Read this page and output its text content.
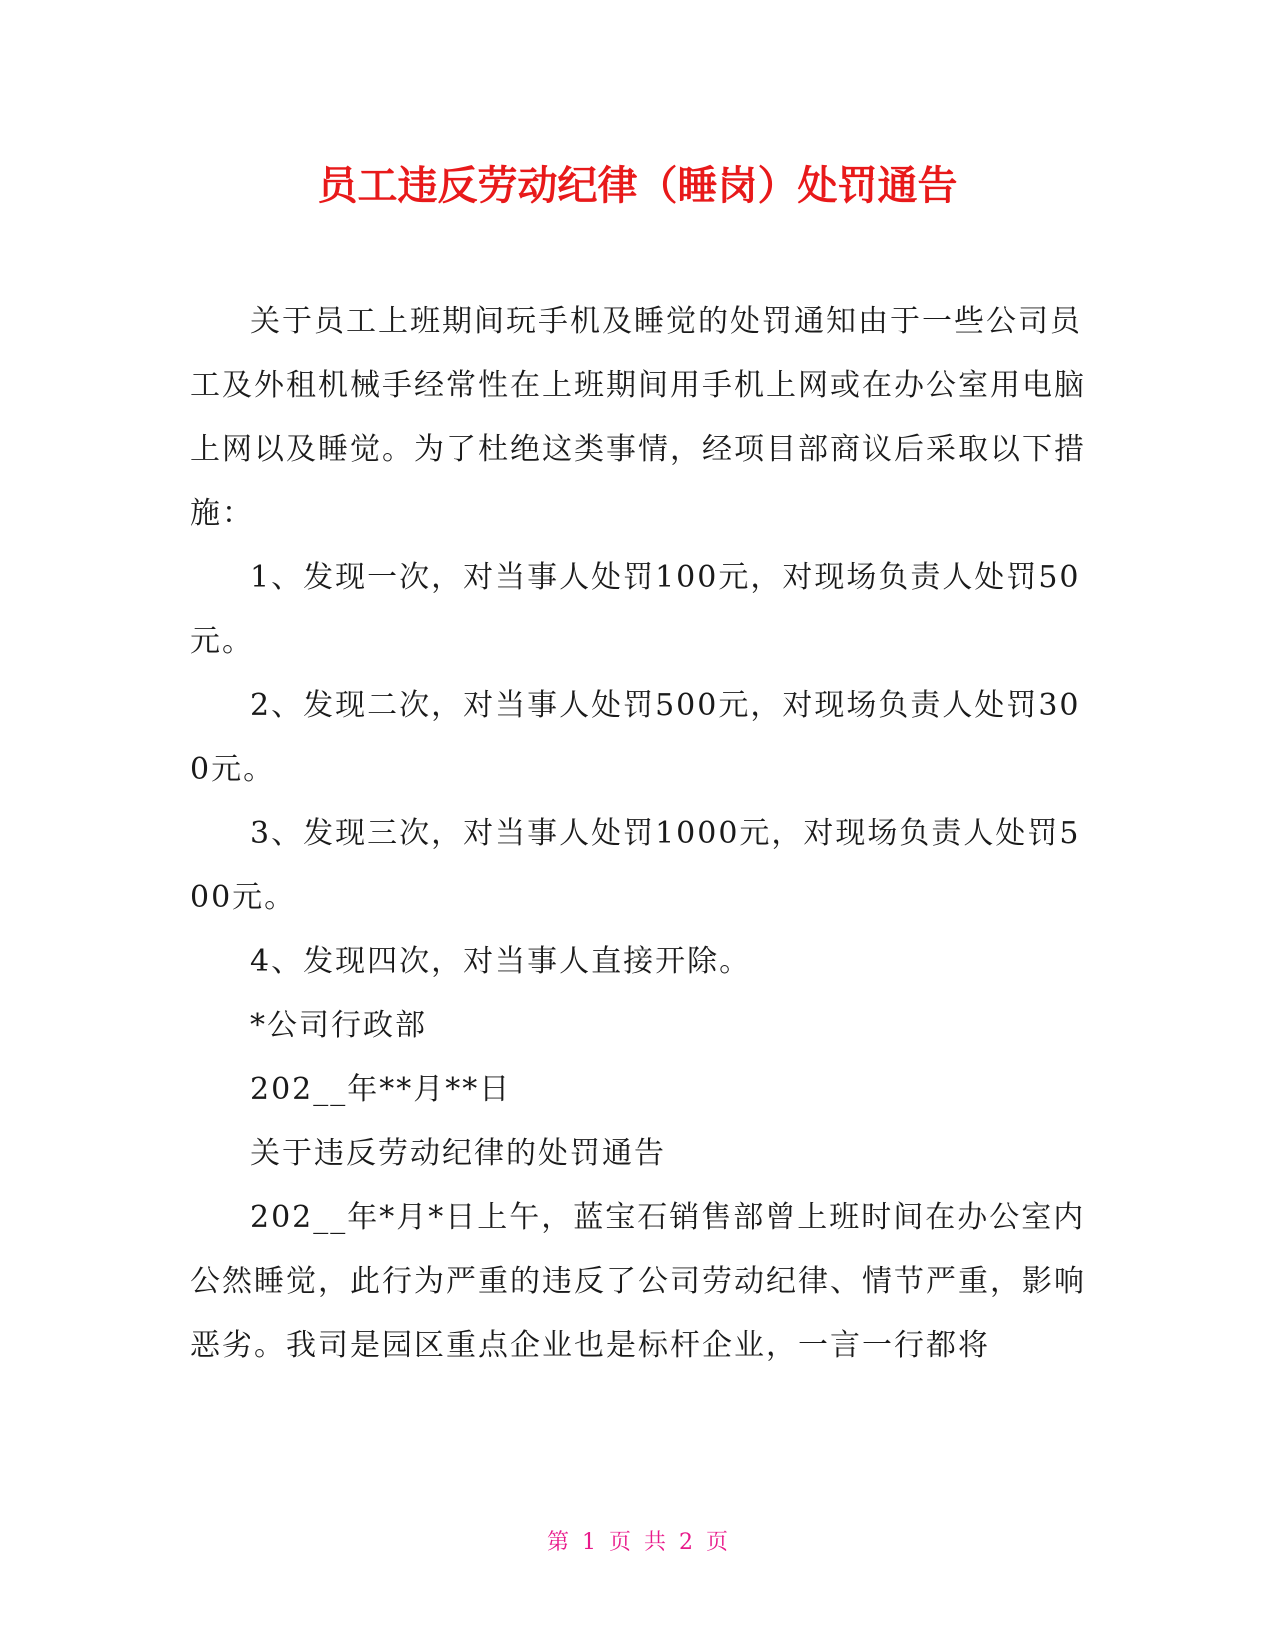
员工违反劳动纪律（睡岗）处罚通告

关于员工上班期间玩手机及睡觉的处罚通知由于一些公司员工及外租机械手经常性在上班期间用手机上网或在办公室用电脑上网以及睡觉。为了杜绝这类事情，经项目部商议后采取以下措施：

1、发现一次，对当事人处罚100元，对现场负责人处罚50元。

2、发现二次，对当事人处罚500元，对现场负责人处罚300元。

3、发现三次，对当事人处罚1000元，对现场负责人处罚500元。

4、发现四次，对当事人直接开除。

*公司行政部

202__年**月**日

关于违反劳动纪律的处罚通告

202__年*月*日上午，蓝宝石销售部曾上班时间在办公室内公然睡觉，此行为严重的违反了公司劳动纪律、情节严重，影响恶劣。我司是园区重点企业也是标杆企业，一言一行都将

第 1 页 共 2 页
